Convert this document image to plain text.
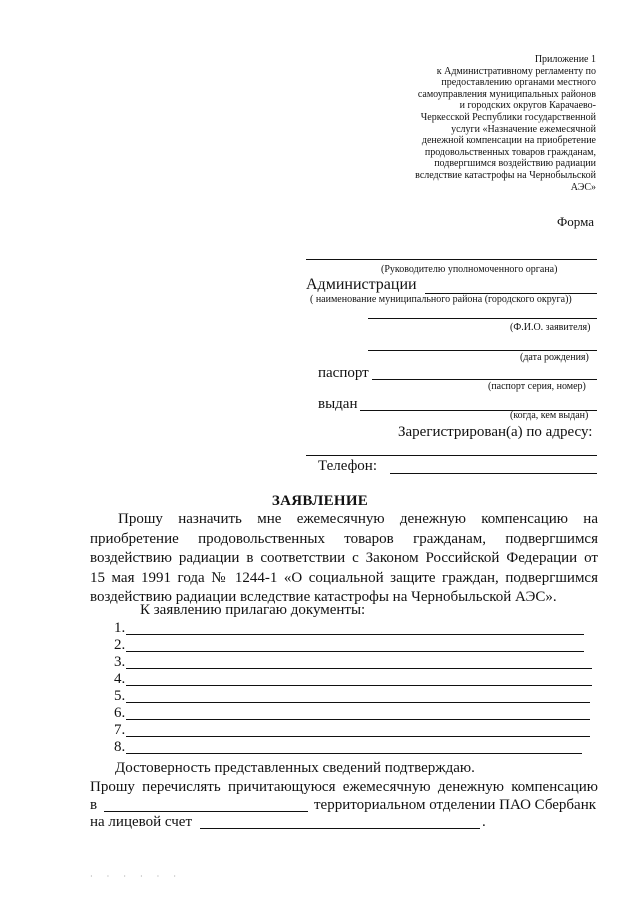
Приложение 1
к Административному регламенту по
предоставлению органами местного
самоуправления муниципальных районов
и городских округов Карачаево-
Черкесской Республики государственной
услуги «Назначение ежемесячной
денежной компенсации на приобретение
продовольственных товаров гражданам,
подвергшимся воздействию радиации
вследствие катастрофы на Чернобыльской
АЭС»
Форма
(Руководителю уполномоченного органа)
Администрации
( наименование муниципального района (городского округа))
(Ф.И.О. заявителя)
(дата рождения)
паспорт
(паспорт серия, номер)
выдан
(когда, кем выдан)
Зарегистрирован(а) по адресу:
Телефон:
ЗАЯВЛЕНИЕ
Прошу назначить мне ежемесячную денежную компенсацию на
приобретение продовольственных товаров гражданам, подвергшимся
воздействию радиации в соответствии с Законом Российской Федерации от
15 мая 1991 года № 1244-1 «О социальной защите граждан, подвергшимся
воздействию радиации вследствие катастрофы на Чернобыльской АЭС».
К заявлению прилагаю документы:
1.
2.
3.
4.
5.
6.
7.
8.
Достоверность представленных сведений подтверждаю.
Прошу перечислять причитающуюся ежемесячную денежную компенсацию
в	территориальном отделении ПАО Сбербанк
на лицевой счет	.
· · · · · ·
